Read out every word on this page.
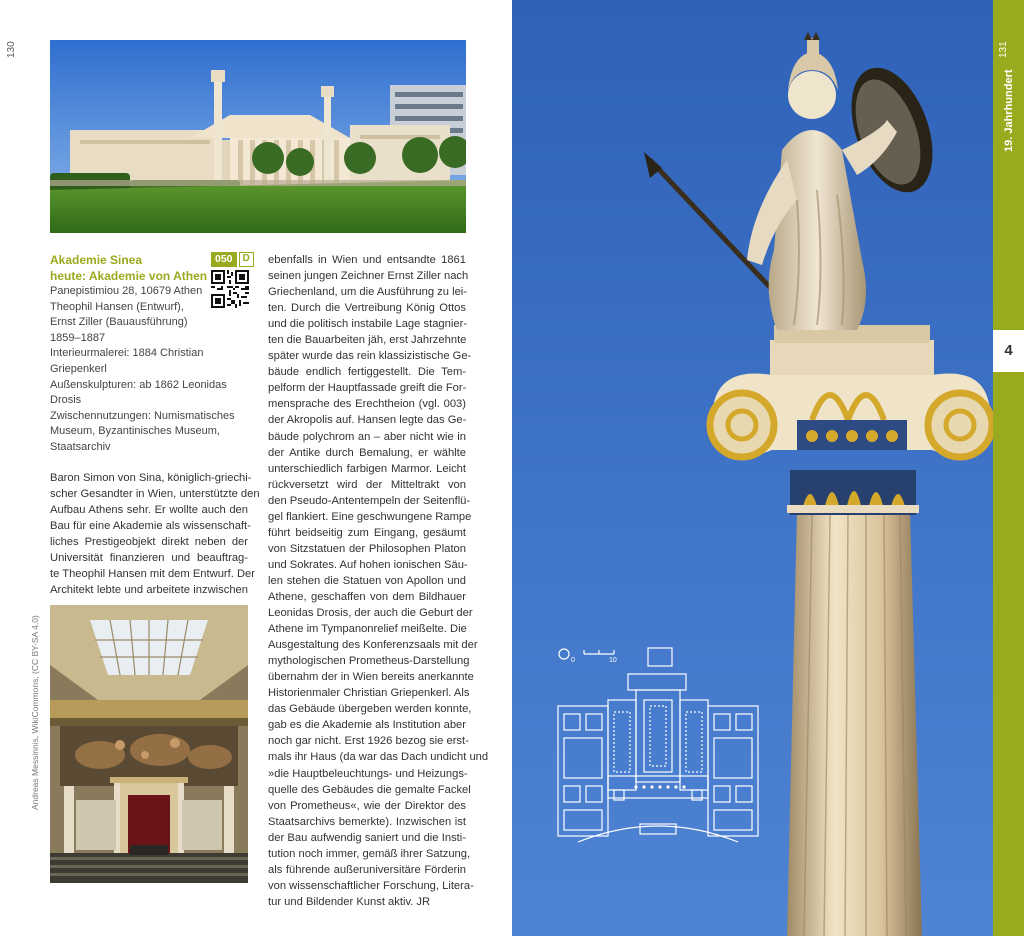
130
Akademie Sinea
heute: Akademie von Athen
050	D
Panepistimiou 28, 10679 Athen
Theophil Hansen (Entwurf),
Ernst Ziller (Bauausführung)
1859–1887
Interieurmalerei: 1884 Christian
Griepenkerl
Außenskulpturen: ab 1862 Leonidas
Drosis
Zwischennutzungen: Numismatisches
Museum, Byzantinisches Museum,
Staatsarchiv
Baron Simon von Sina, königlich-griechi-
scher Gesandter in Wien, unterstützte den
Aufbau Athens sehr. Er wollte auch den
Bau für eine Akademie als wissenschaft-
liches Prestigeobjekt direkt neben der
Universität finanzieren und beauftrag-
te Theophil Hansen mit dem Entwurf. Der
Architekt lebte und arbeitete inzwischen
Andreas Messinnis, WikiCommons, (CC BY-SA 4.0)
ebenfalls in Wien und entsandte 1861
seinen jungen Zeichner Ernst Ziller nach
Griechenland, um die Ausführung zu lei-
ten. Durch die Vertreibung König Ottos
und die politisch instabile Lage stagnier-
ten die Bauarbeiten jäh, erst Jahrzehnte
später wurde das rein klassizistische Ge-
bäude endlich fertiggestellt. Die Tem-
pelform der Hauptfassade greift die For-
mensprache des Erechtheion (vgl. 003)
der Akropolis auf. Hansen legte das Ge-
bäude polychrom an – aber nicht wie in
der Antike durch Bemalung, er wählte
unterschiedlich farbigen Marmor. Leicht
rückversetzt wird der Mitteltrakt von
den Pseudo-Antentempeln der Seitenflü-
gel flankiert. Eine geschwungene Rampe
führt beidseitig zum Eingang, gesäumt
von Sitzstatuen der Philosophen Platon
und Sokrates. Auf hohen ionischen Säu-
len stehen die Statuen von Apollon und
Athene, geschaffen von dem Bildhauer
Leonidas Drosis, der auch die Geburt der
Athene im Tympanonrelief meißelte. Die
Ausgestaltung des Konferenzsaals mit der
mythologischen Prometheus-Darstellung
übernahm der in Wien bereits anerkannte
Historienmaler Christian Griepenkerl. Als
das Gebäude übergeben werden konnte,
gab es die Akademie als Institution aber
noch gar nicht. Erst 1926 bezog sie erst-
mals ihr Haus (da war das Dach undicht und
»die Hauptbeleuchtungs- und Heizungs-
quelle des Gebäudes die gemalte Fackel
von Prometheus«, wie der Direktor des
Staatsarchivs bemerkte). Inzwischen ist
der Bau aufwendig saniert und die Insti-
tution noch immer, gemäß ihrer Satzung,
als führende außeruniversitäre Förderin
von wissenschaftlicher Forschung, Litera-
tur und Bildender Kunst aktiv. JR
0	10
131
19. Jahrhundert
4
